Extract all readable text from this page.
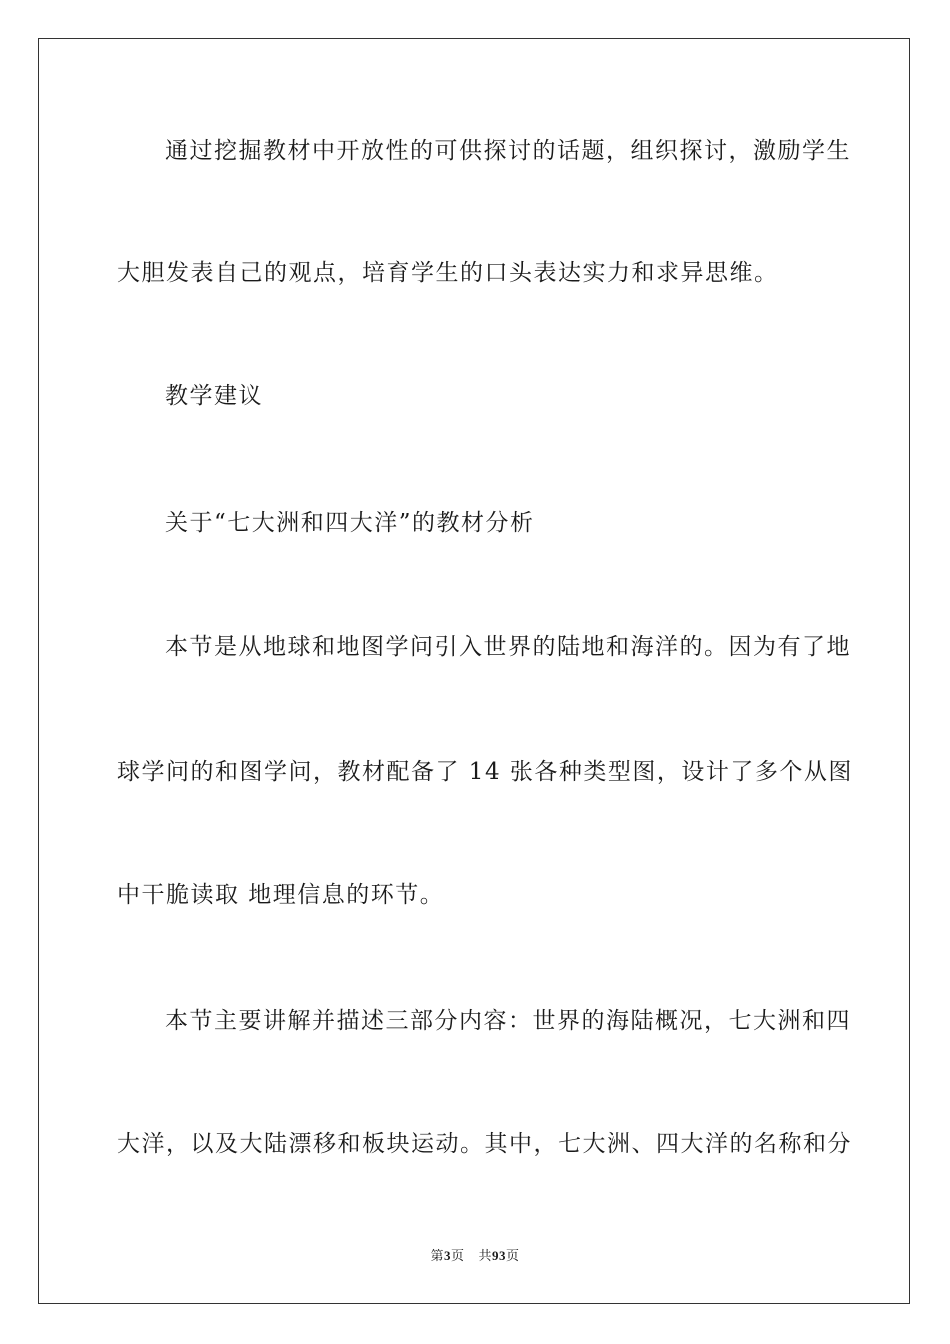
通过挖掘教材中开放性的可供探讨的话题，组织探讨，激励学生
大胆发表自己的观点，培育学生的口头表达实力和求异思维。
教学建议
关于“七大洲和四大洋”的教材分析
本节是从地球和地图学问引入世界的陆地和海洋的。因为有了地
球学问的和图学问，教材配备了 14 张各种类型图，设计了多个从图
中干脆读取 地理信息的环节。
本节主要讲解并描述三部分内容：世界的海陆概况，七大洲和四
大洋，以及大陆漂移和板块运动。其中，七大洲、四大洋的名称和分
第3页 共93页
